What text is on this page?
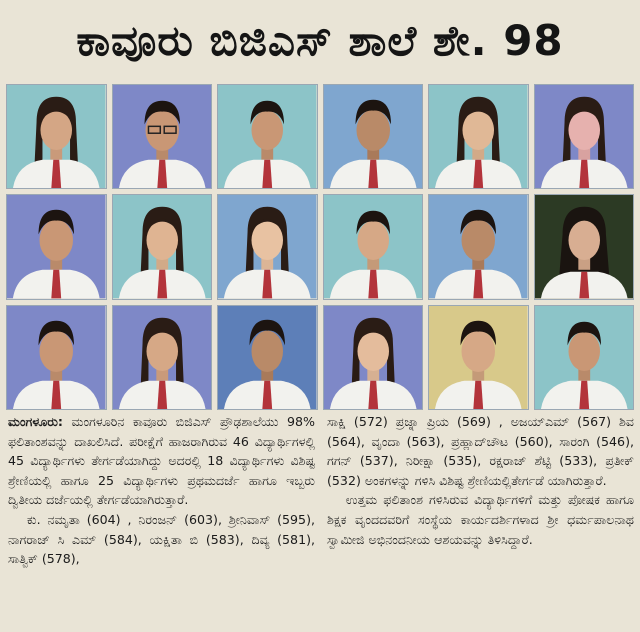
ಕಾವೂರು ಬಿಜಿಎಸ್ ಶಾಲೆ ಶೇ. 98

ಮಂಗಳೂರು: ಮಂಗಳೂರಿನ ಕಾವೂರು ಬಿಜಿಎಸ್ ಪ್ರೌಢಶಾಲೆಯು 98% ಫಲಿತಾಂಶವನ್ನು ದಾಖಲಿಸಿದೆ. ಪರೀಕ್ಷೆಗೆ ಹಾಜರಾಗಿರುವ 46 ವಿದ್ಯಾರ್ಥಿಗಳಲ್ಲಿ 45 ವಿದ್ಯಾರ್ಥಿಗಳು ತೇರ್ಗಡೆಯಾಗಿದ್ದು ಅದರಲ್ಲಿ 18 ವಿದ್ಯಾರ್ಥಿಗಳು ವಿಶಿಷ್ಟ ಶ್ರೇಣಿಯಲ್ಲಿ ಹಾಗೂ 25 ವಿದ್ಯಾರ್ಥಿಗಳು ಪ್ರಥಮದರ್ಜೆ ಹಾಗೂ ಇಬ್ಬರು ದ್ವಿತೀಯ ದರ್ಜೆಯಲ್ಲಿ ತೇರ್ಗಡೆಯಾಗಿರುತ್ತಾರೆ.

ಕು. ನಮೃತಾ (604) , ನಿರಂಜನ್ (603), ಶ್ರೀನಿವಾಸ್ (595), ನಾಗರಾಜ್ ಸಿ ಎಮ್ (584), ಯಕ್ಷಿತಾ ಬಿ (583), ದಿವ್ಯ (581), ಸಾತ್ವಿಕ್ (578),

ಸಾಕ್ಷಿ (572) ಪ್ರಜ್ನಾ ಪ್ರಿಯ (569) , ಅಜಯ್‌ಎಮ್ (567) ಶಿವ (564), ವೃಂದಾ (563), ಪ್ರಹ್ಲಾದ್‌ಚೌಟ (560), ಸಾರಂಗಿ (546), ಗಗನ್ (537), ನಿರೀಕ್ಷಾ (535), ರಕ್ಷರಾಜ್ ಶೆಟ್ಟಿ (533), ಪ್ರತೀಕ್ (532) ಅಂಕಗಳನ್ನು ಗಳಿಸಿ ವಿಶಿಷ್ಟ ಶ್ರೇಣಿಯಲ್ಲಿತೇರ್ಗಡೆ ಯಾಗಿರುತ್ತಾರೆ.

ಉತ್ತಮ ಫಲಿತಾಂಶ ಗಳಿಸಿರುವ ವಿದ್ಯಾರ್ಥಿಗಳಿಗೆ ಮತ್ತು ಪೋಷಕ ಹಾಗೂ ಶಿಕ್ಷಕ ವೃಂದದವರಿಗೆ ಸಂಸ್ಥೆಯ ಕಾರ್ಯದರ್ಶಿಗಳಾದ ಶ್ರೀ ಧರ್ಮಪಾಲನಾಥ ಸ್ವಾಮೀಜಿ ಅಭಿನಂದನೀಯ ಆಶಯವನ್ನು ತಿಳಿಸಿದ್ದಾರೆ.
